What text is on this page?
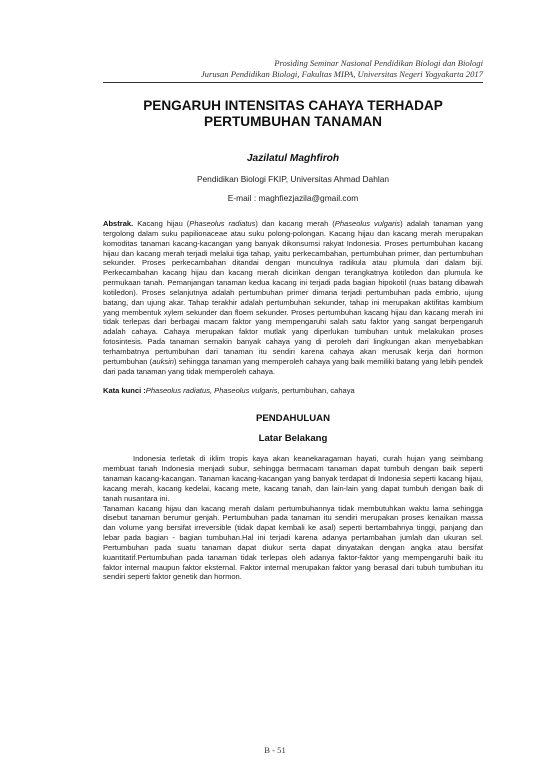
Prosiding Seminar Nasional Pendidikan Biologi dan Biologi
Jurusan Pendidikan Biologi, Fakultas MIPA, Universitas Negeri Yogyakarta 2017
PENGARUH INTENSITAS CAHAYA TERHADAP
PERTUMBUHAN TANAMAN
Jazilatul Maghfiroh
Pendidikan Biologi FKIP, Universitas Ahmad Dahlan
E-mail : maghfiezjazila@gmail.com
Abstrak. Kacang hijau (Phaseolus radiatus) dan kacang merah (Phaseolus vulgaris) adalah tanaman yang tergolong dalam suku papilionaceae atau suku polong-polongan. Kacang hijau dan kacang merah merupakan komoditas tanaman kacang-kacangan yang banyak dikonsumsi rakyat Indonesia. Proses pertumbuhan kacang hijau dan kacang merah terjadi melalui tiga tahap, yaitu perkecambahan, pertumbuhan primer, dan pertumbuhan sekunder. Proses perkecambahan ditandai dengan munculnya radikula atau plumula dari dalam biji. Perkecambahan kacang hijau dan kacang merah dicirikan dengan terangkatnya kotiledon dan plumula ke permukaan tanah. Pemanjangan tanaman kedua kacang ini terjadi pada bagian hipokotil (ruas batang dibawah kotiledon). Proses selanjutnya adalah pertumbuhan primer dimana terjadi pertumbuhan pada embrio, ujung batang, dan ujung akar. Tahap terakhir adalah pertumbuhan sekunder, tahap ini merupakan aktifitas kambium yang membentuk xylem sekunder dan floem sekunder. Proses pertumbuhan kacang hijau dan kacang merah ini tidak terlepas dari berbagai macam faktor yang mempengaruhi salah satu faktor yang sangat berpengaruh adalah cahaya. Cahaya merupakan faktor mutlak yang diperlukan tumbuhan untuk melakukan proses fotosintesis. Pada tanaman semakin banyak cahaya yang di peroleh dari lingkungan akan menyebabkan terhambatnya pertumbuhan dari tanaman itu sendiri karena cahaya akan merusak kerja dari hormon pertumbuhan (auksin) sehingga tanaman yang memperoleh cahaya yang baik memiliki batang yang lebih pendek dari pada tanaman yang tidak memperoleh cahaya.
Kata kunci :Phaseolus radiatus, Phaseolus vulgaris, pertumbuhan, cahaya
PENDAHULUAN
Latar Belakang

Indonesia terletak di iklim tropis kaya akan keanekaragaman hayati, curah hujan yang seimbang membuat tanah Indonesia menjadi subur, sehingga bermacam tanaman dapat tumbuh dengan baik seperti tanaman kacang-kacangan. Tanaman kacang-kacangan yang banyak terdapat di Indonesia seperti kacang hijau, kacang merah, kacang kedelai, kacang mete, kacang tanah, dan lain-lain yang dapat tumbuh dengan baik di tanah nusantara ini.

Tanaman kacang hijau dan kacang merah dalam pertumbuhannya tidak membutuhkan waktu lama sehingga disebut tanaman berumur genjah. Pertumbuhan pada tanaman itu sendiri merupakan proses kenaikan massa dan volume yang bersifat irreversible (tidak dapat kembali ke asal) seperti bertambahnya tinggi, panjang dan lebar pada bagian - bagian tumbuhan.Hal ini terjadi karena adanya pertambahan jumlah dan ukuran sel. Pertumbuhan pada suatu tanaman dapat diukur serta dapat dinyatakan dengan angka atau bersifat kuantitatif.Pertumbuhan pada tanaman tidak terlepas oleh adanya faktor-faktor yang mempengaruhi baik itu faktor internal maupun faktor eksternal. Faktor internal merupakan faktor yang berasal dari tubuh tumbuhan itu sendiri seperti faktor genetik dan hormon.

B - 51
